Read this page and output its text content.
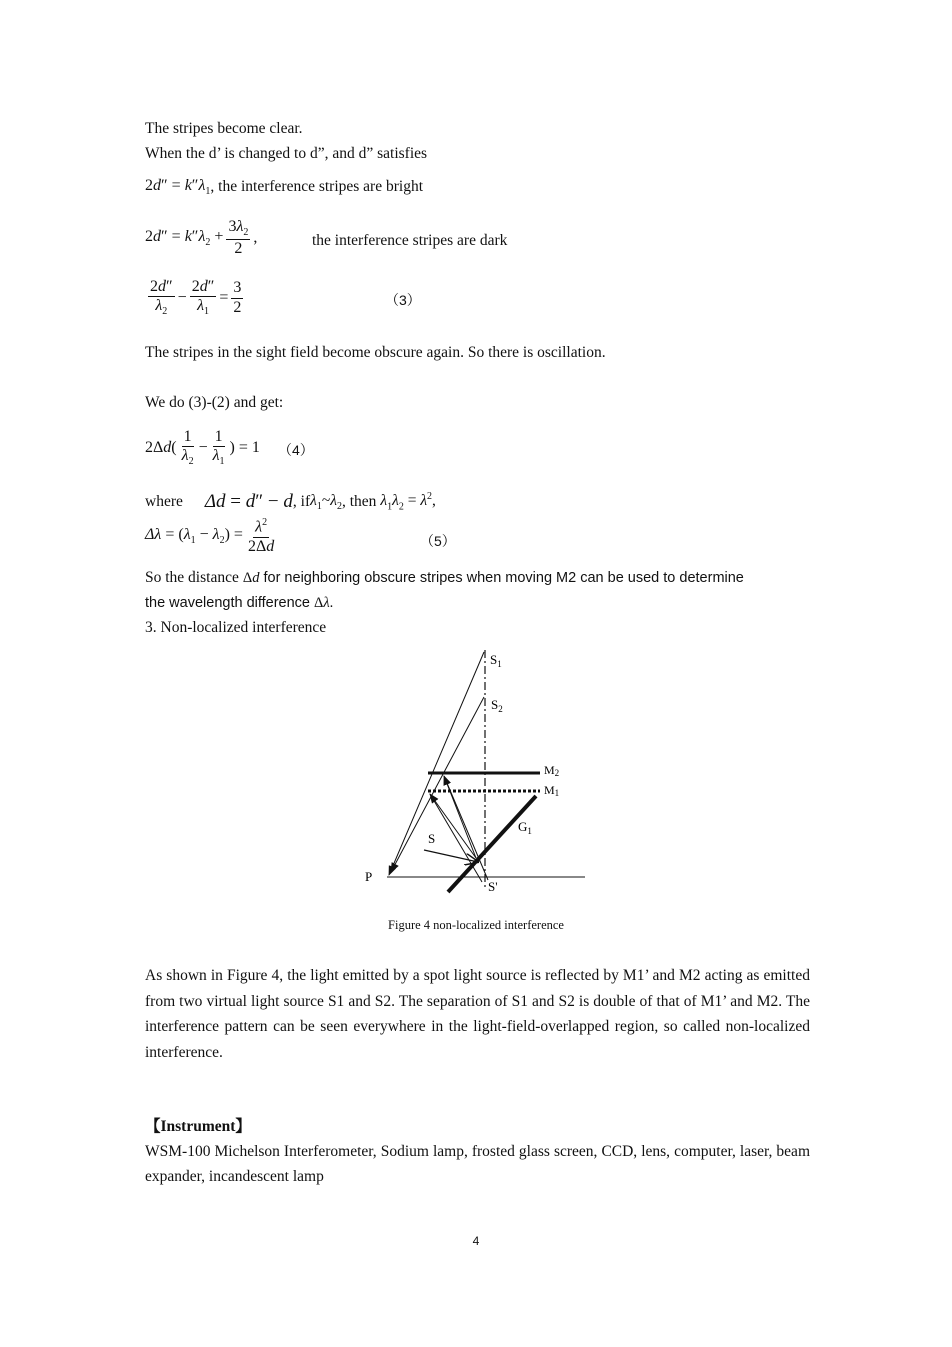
The stripes become clear.

When the d’ is changed to d”, and d” satisfies

$2d'' = k''\lambda_1$ , the interference stripes are bright
$2d'' = k''\lambda_2 + \frac{3\lambda_2}{2}$ ,	the interference stripes are dark
$\frac{2d''}{\lambda_2} - \frac{2d''}{\lambda_1} = \frac{3}{2}$	（3）

The stripes in the sight field become obscure again. So there is oscillation.

We do (3)-(2) and get:

$2\Delta d( \frac{1}{\lambda_2} - \frac{1}{\lambda_1}$ ) = 1 （4）
where Δd = d″ − d , if $\lambda_1\sim\lambda_2$ , then $\lambda_1\lambda_2 = \lambda^2$,
$\Delta\lambda = (\lambda_1 - \lambda_2) = \frac{\lambda^2}{2\Delta d}$	（5）

So the distance Δd for neighboring obscure stripes when moving M2 can be used to determine
the wavelength difference Δλ.

3. Non-localized interference

$S_1$
$S_2$
M2
M1
$G_1$
S
S'
P
Figure 4 non-localized interference

As shown in Figure 4, the light emitted by a spot light source is reflected by M1’ and M2 acting as emitted from two virtual light source S1 and S2. The separation of S1 and S2 is double of that of M1’ and M2. The interference pattern can be seen everywhere in the light-field-overlapped region, so called non-localized interference.

【Instrument】

WSM-100 Michelson Interferometer, Sodium lamp, frosted glass screen, CCD, lens, computer, laser, beam expander, incandescent lamp

4
